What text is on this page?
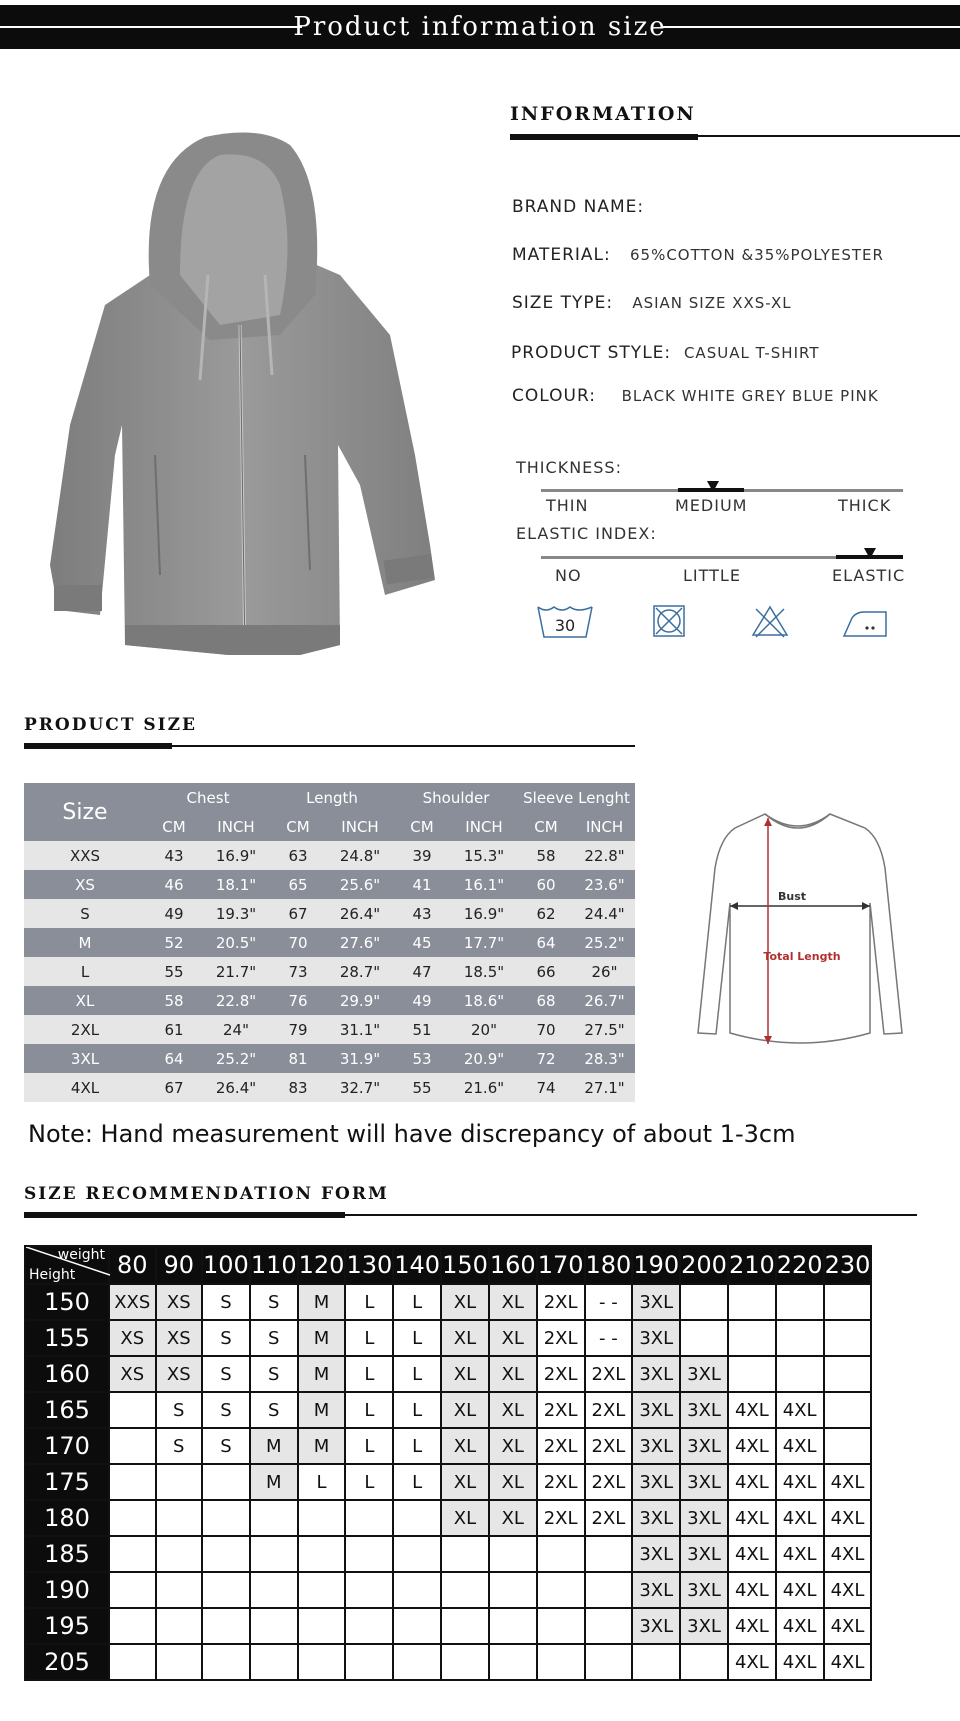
Product information size
INFORMATION
BRAND NAME:
MATERIAL: 65%COTTON &35%POLYESTER
SIZE TYPE: ASIAN SIZE XXS-XL
PRODUCT STYLE: CASUAL T-SHIRT
COLOUR: BLACK WHITE GREY BLUE PINK
THICKNESS:
THIN	MEDIUM	THICK
ELASTIC INDEX:
NO	LITTLE	ELASTIC
30
PRODUCT SIZE
Size	Chest		Length		Shoulder		Sleeve Lenght	
	CM	INCH	CM	INCH	CM	INCH	CM	INCH
XXS	43	16.9"	63	24.8"	39	15.3"	58	22.8"
XS	46	18.1"	65	25.6"	41	16.1"	60	23.6"
S	49	19.3"	67	26.4"	43	16.9"	62	24.4"
M	52	20.5"	70	27.6"	45	17.7"	64	25.2"
L	55	21.7"	73	28.7"	47	18.5"	66	26"
XL	58	22.8"	76	29.9"	49	18.6"	68	26.7"
2XL	61	24"	79	31.1"	51	20"	70	27.5"
3XL	64	25.2"	81	31.9"	53	20.9"	72	28.3"
4XL	67	26.4"	83	32.7"	55	21.6"	74	27.1"
Bust
Total Length
Note: Hand measurement will have discrepancy of about 1-3cm
SIZE RECOMMENDATION FORM
weight
Height	80	90	100	110	120	130	140	150	160	170	180	190	200	210	220	230
150	XXS	XS	S	S	M	L	L	XL	XL	2XL	- -	3XL				
155	XS	XS	S	S	M	L	L	XL	XL	2XL	- -	3XL				
160	XS	XS	S	S	M	L	L	XL	XL	2XL	2XL	3XL	3XL			
165		S	S	S	M	L	L	XL	XL	2XL	2XL	3XL	3XL	4XL	4XL	
170		S	S	M	M	L	L	XL	XL	2XL	2XL	3XL	3XL	4XL	4XL	
175				M	L	L	L	XL	XL	2XL	2XL	3XL	3XL	4XL	4XL	4XL
180								XL	XL	2XL	2XL	3XL	3XL	4XL	4XL	4XL
185												3XL	3XL	4XL	4XL	4XL
190												3XL	3XL	4XL	4XL	4XL
195												3XL	3XL	4XL	4XL	4XL
205														4XL	4XL	4XL
